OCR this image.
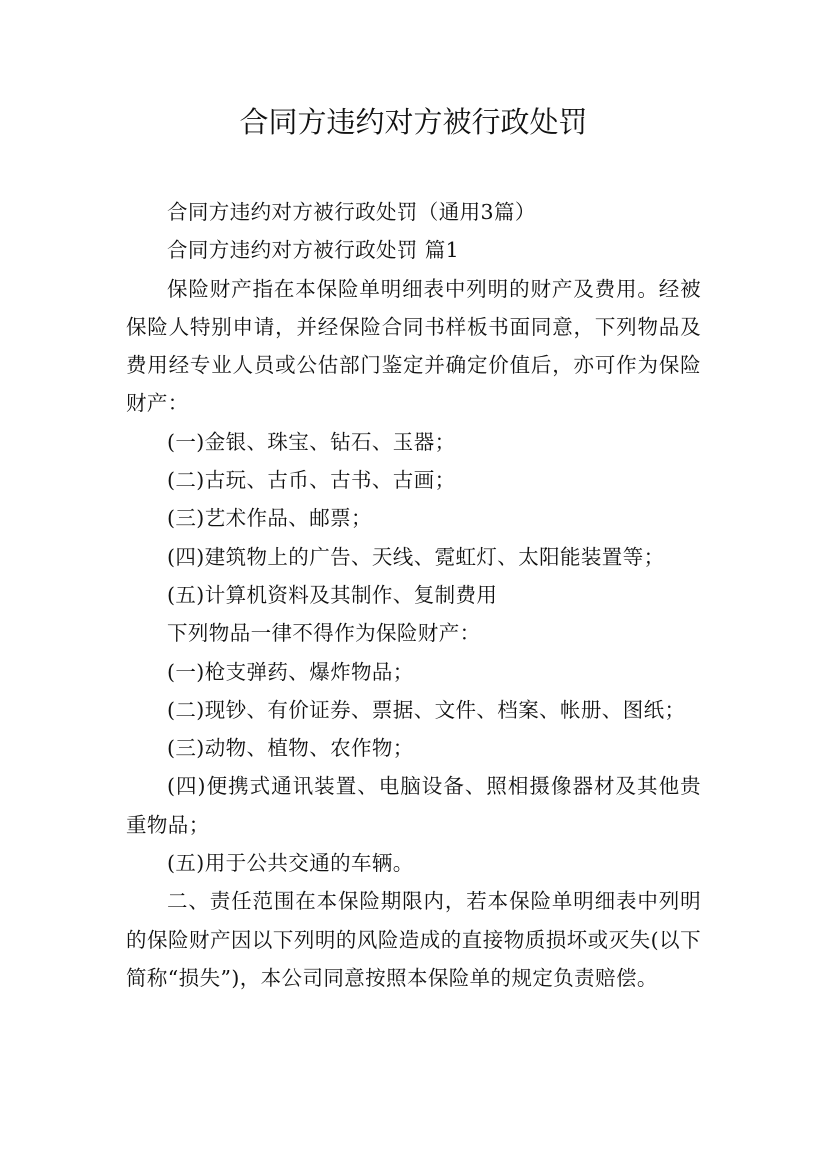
合同方违约对方被行政处罚

合同方违约对方被行政处罚（通用3篇）

合同方违约对方被行政处罚 篇1

保险财产指在本保险单明细表中列明的财产及费用。经被保险人特别申请，并经保险合同书样板书面同意，下列物品及费用经专业人员或公估部门鉴定并确定价值后，亦可作为保险财产：

(一)金银、珠宝、钻石、玉器；

(二)古玩、古币、古书、古画；

(三)艺术作品、邮票；

(四)建筑物上的广告、天线、霓虹灯、太阳能装置等；

(五)计算机资料及其制作、复制费用

下列物品一律不得作为保险财产：

(一)枪支弹药、爆炸物品；

(二)现钞、有价证券、票据、文件、档案、帐册、图纸；

(三)动物、植物、农作物；

(四)便携式通讯装置、电脑设备、照相摄像器材及其他贵重物品；

(五)用于公共交通的车辆。

二、责任范围在本保险期限内，若本保险单明细表中列明的保险财产因以下列明的风险造成的直接物质损坏或灭失(以下简称“损失”)，本公司同意按照本保险单的规定负责赔偿。
